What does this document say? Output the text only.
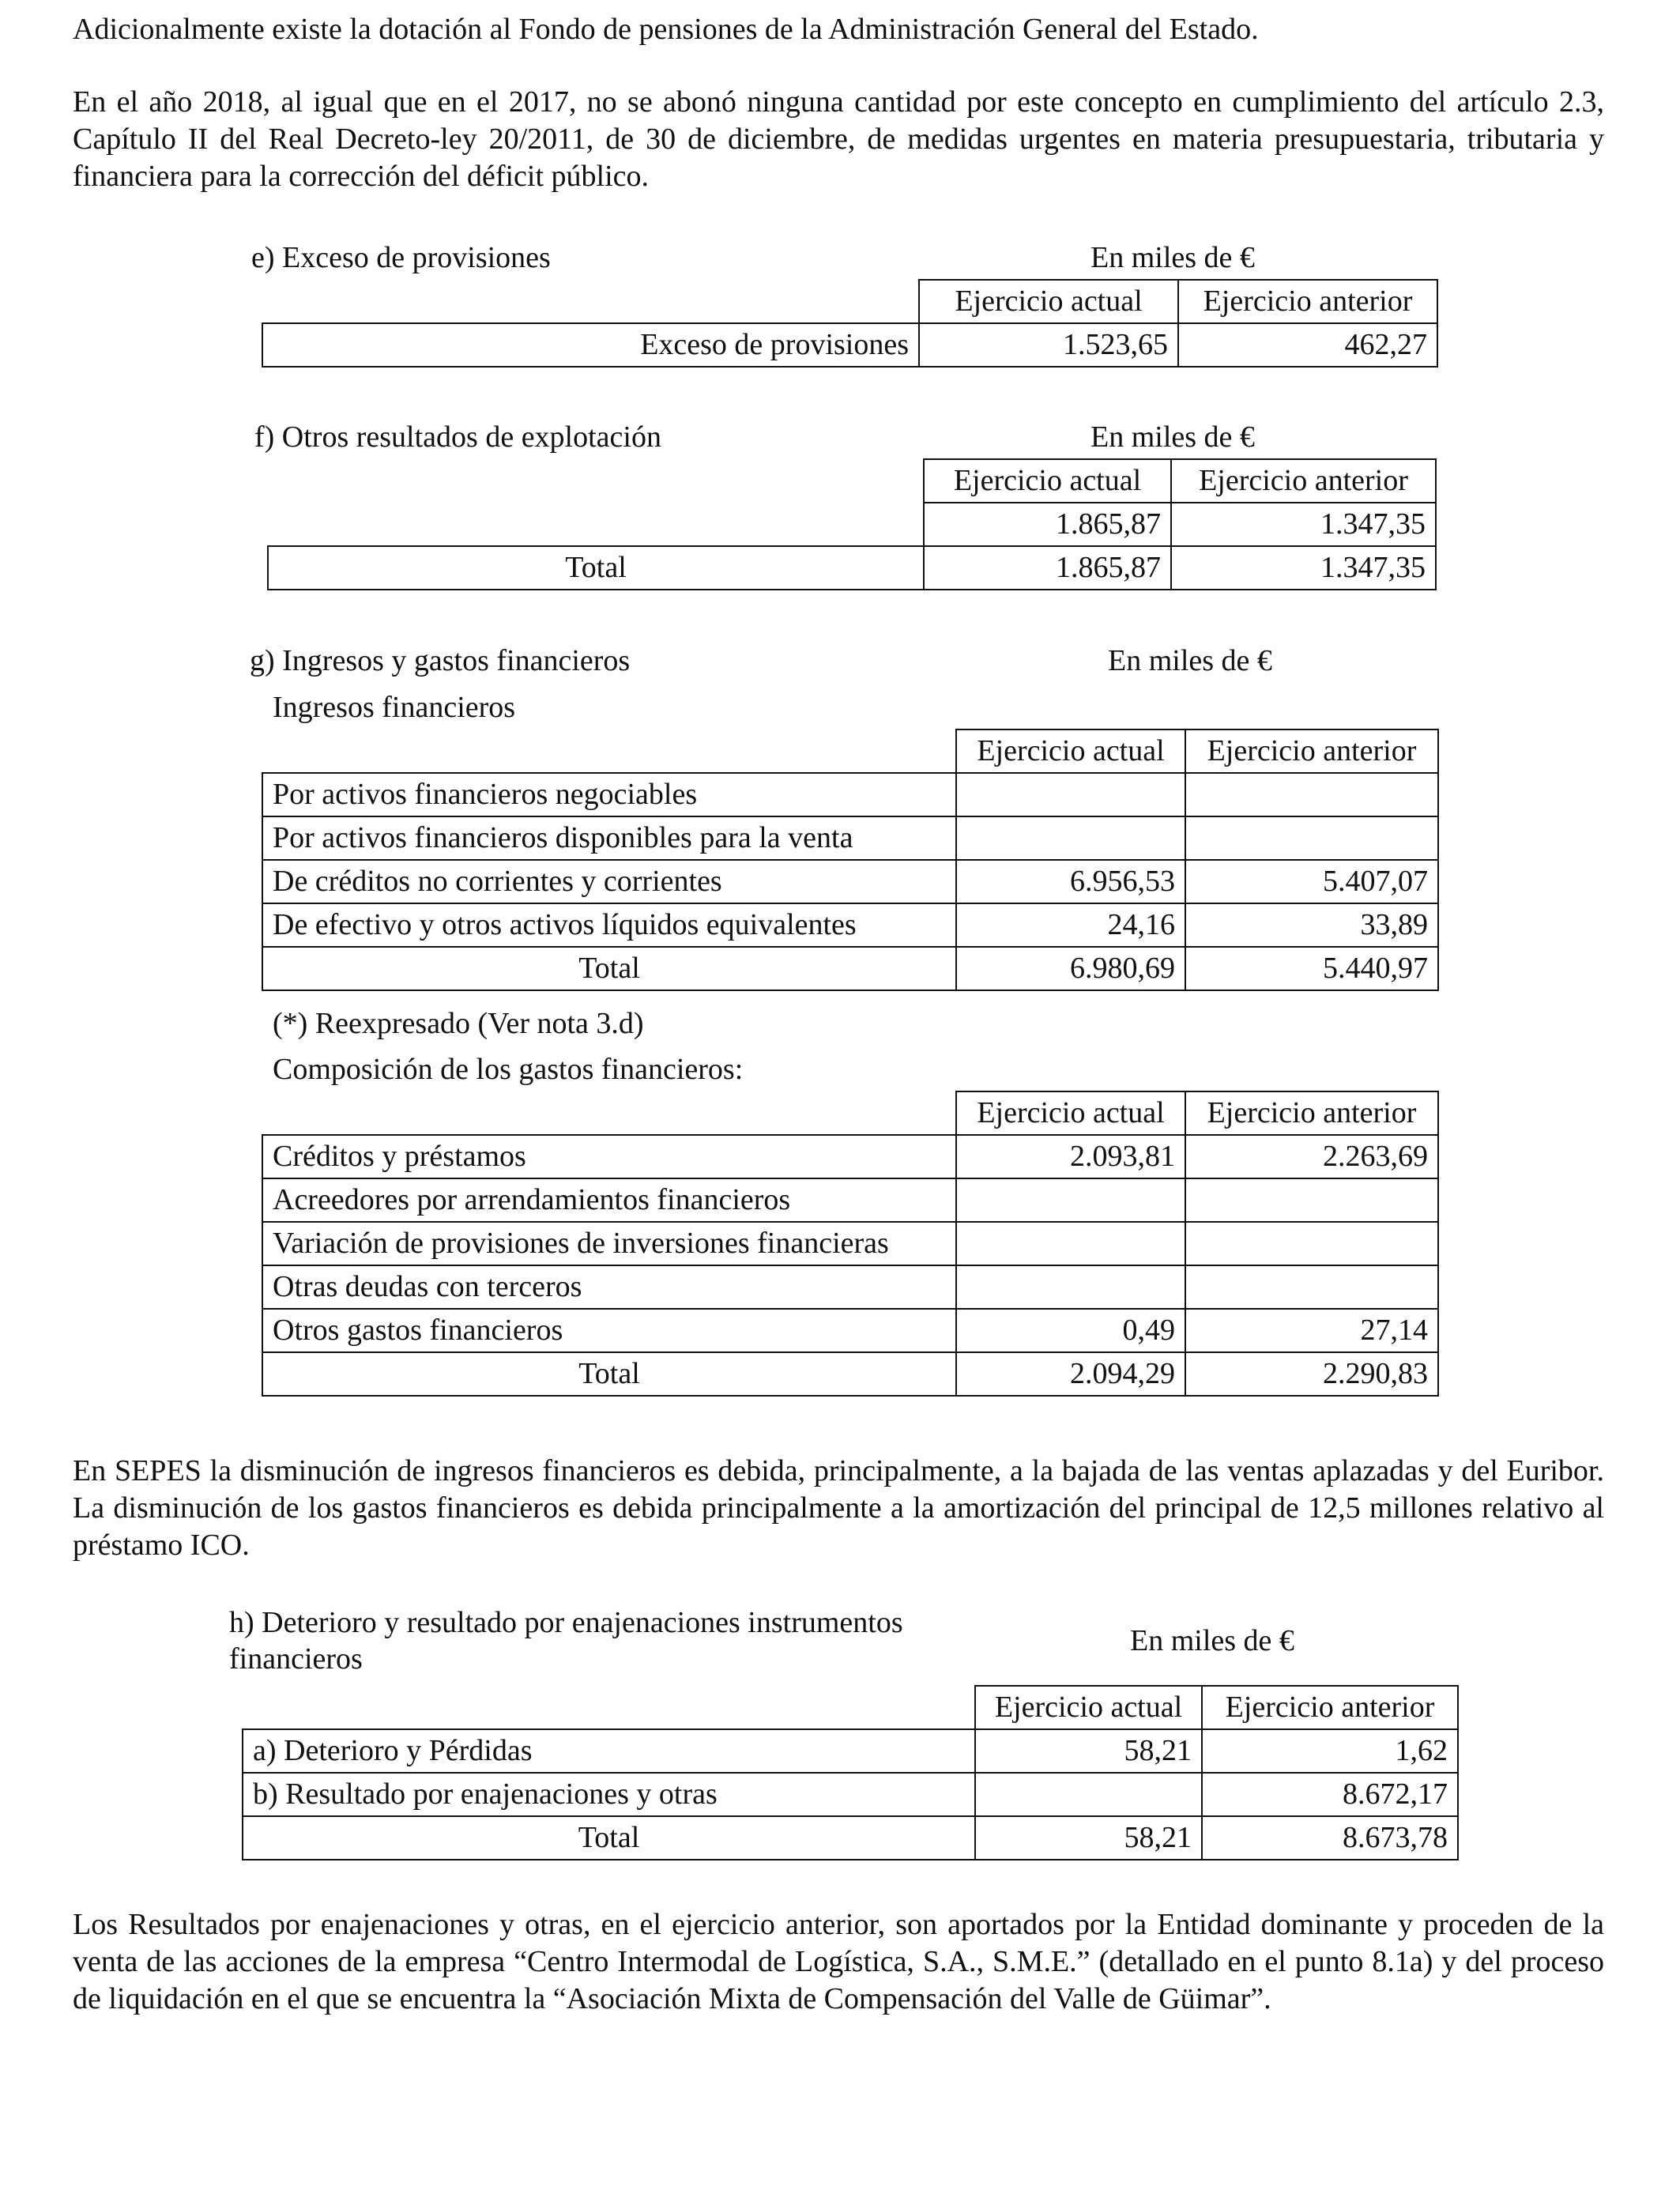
Adicionalmente existe la dotación al Fondo de pensiones de la Administración General del Estado.

En el año 2018, al igual que en el 2017, no se abonó ninguna cantidad por este concepto en cumplimiento del artículo 2.3, Capítulo II del Real Decreto-ley 20/2011, de 30 de diciembre, de medidas urgentes en materia presupuestaria, tributaria y financiera para la corrección del déficit público.

e) Exceso de provisiones	En miles de €
	Ejercicio actual	Ejercicio anterior
Exceso de provisiones	1.523,65	462,27
f) Otros resultados de explotación	En miles de €
	Ejercicio actual	Ejercicio anterior
	1.865,87	1.347,35
Total	1.865,87	1.347,35
g) Ingresos y gastos financieros	En miles de €
Ingresos financieros
	Ejercicio actual	Ejercicio anterior
Por activos financieros negociables		
Por activos financieros disponibles para la venta		
De créditos no corrientes y corrientes	6.956,53	5.407,07
De efectivo y otros activos líquidos equivalentes	24,16	33,89
Total	6.980,69	5.440,97
(*) Reexpresado (Ver nota 3.d)
Composición de los gastos financieros:
	Ejercicio actual	Ejercicio anterior
Créditos y préstamos	2.093,81	2.263,69
Acreedores por arrendamientos financieros		
Variación de provisiones de inversiones financieras		
Otras deudas con terceros		
Otros gastos financieros	0,49	27,14
Total	2.094,29	2.290,83

En SEPES la disminución de ingresos financieros es debida, principalmente, a la bajada de las ventas aplazadas y del Euribor. La disminución de los gastos financieros es debida principalmente a la amortización del principal de 12,5 millones relativo al préstamo ICO.

h) Deterioro y resultado por enajenaciones instrumentos
financieros
En miles de €
	Ejercicio actual	Ejercicio anterior
a) Deterioro y Pérdidas	58,21	1,62
b) Resultado por enajenaciones y otras		8.672,17
Total	58,21	8.673,78

Los Resultados por enajenaciones y otras, en el ejercicio anterior, son aportados por la Entidad dominante y proceden de la venta de las acciones de la empresa “Centro Intermodal de Logística, S.A., S.M.E.” (detallado en el punto 8.1a) y del proceso de liquidación en el que se encuentra la “Asociación Mixta de Compensación del Valle de Güimar”.
